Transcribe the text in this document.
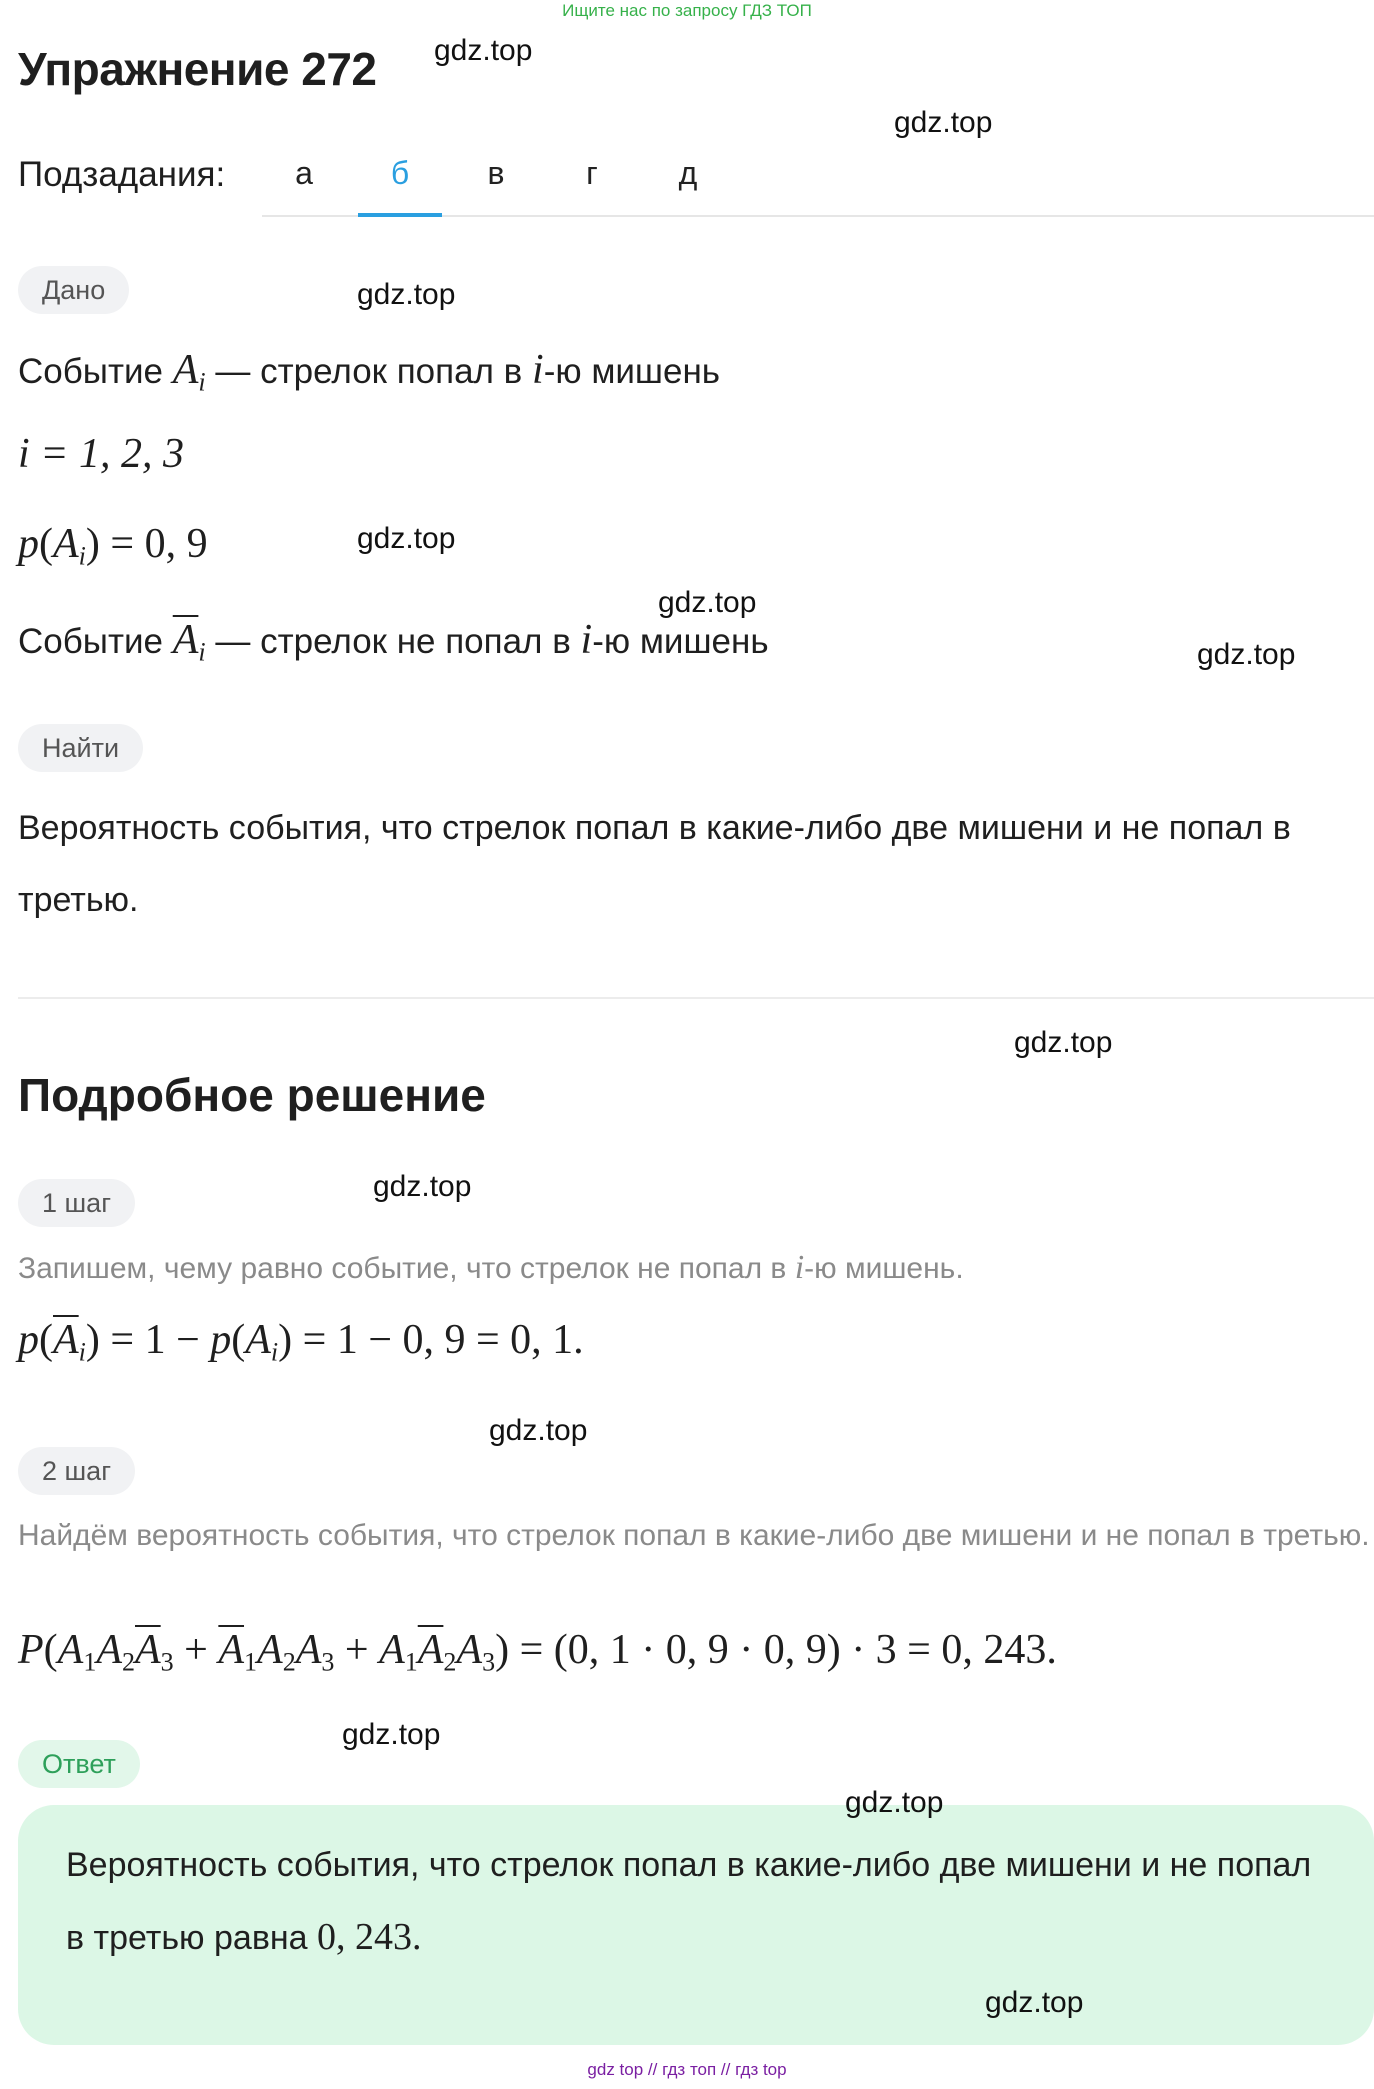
Ищите нас по запросу ГДЗ ТОП
Упражнение 272
Подзадания:	а	б	в	г	д
Дано
Событие $A_i$ — стрелок попал в i-ю мишень
i = 1, 2, 3
$p(A_i) = 0$, 9
Событие $\overline{A}_i$ — стрелок не попал в i-ю мишень
Найти
Вероятность события, что стрелок попал в какие-либо две мишени и не попал в третью.
Подробное решение
1 шаг
Запишем, чему равно событие, что стрелок не попал в i-ю мишень.
$p(\overline{A}_i) = 1 - p(A_i) = 1 - 0$, 9 = 0, 1.
2 шаг
Найдём вероятность события, что стрелок попал в какие-либо две мишени и не попал в третью.
$P(A_1A_2\overline{A}_3 + \overline{A}_1A_2A_3 + A_1\overline{A}_2A_3) = (0$, 1 · 0, 9 · 0, 9) · 3 = 0, 243.
Ответ
Вероятность события, что стрелок попал в какие-либо две мишени и не попал в третью равна 0, 243.
gdz.top
gdz.top
gdz.top
gdz.top
gdz.top
gdz.top
gdz.top
gdz.top
gdz.top
gdz.top
gdz.top
gdz.top
gdz top // гдз топ // гдз top
